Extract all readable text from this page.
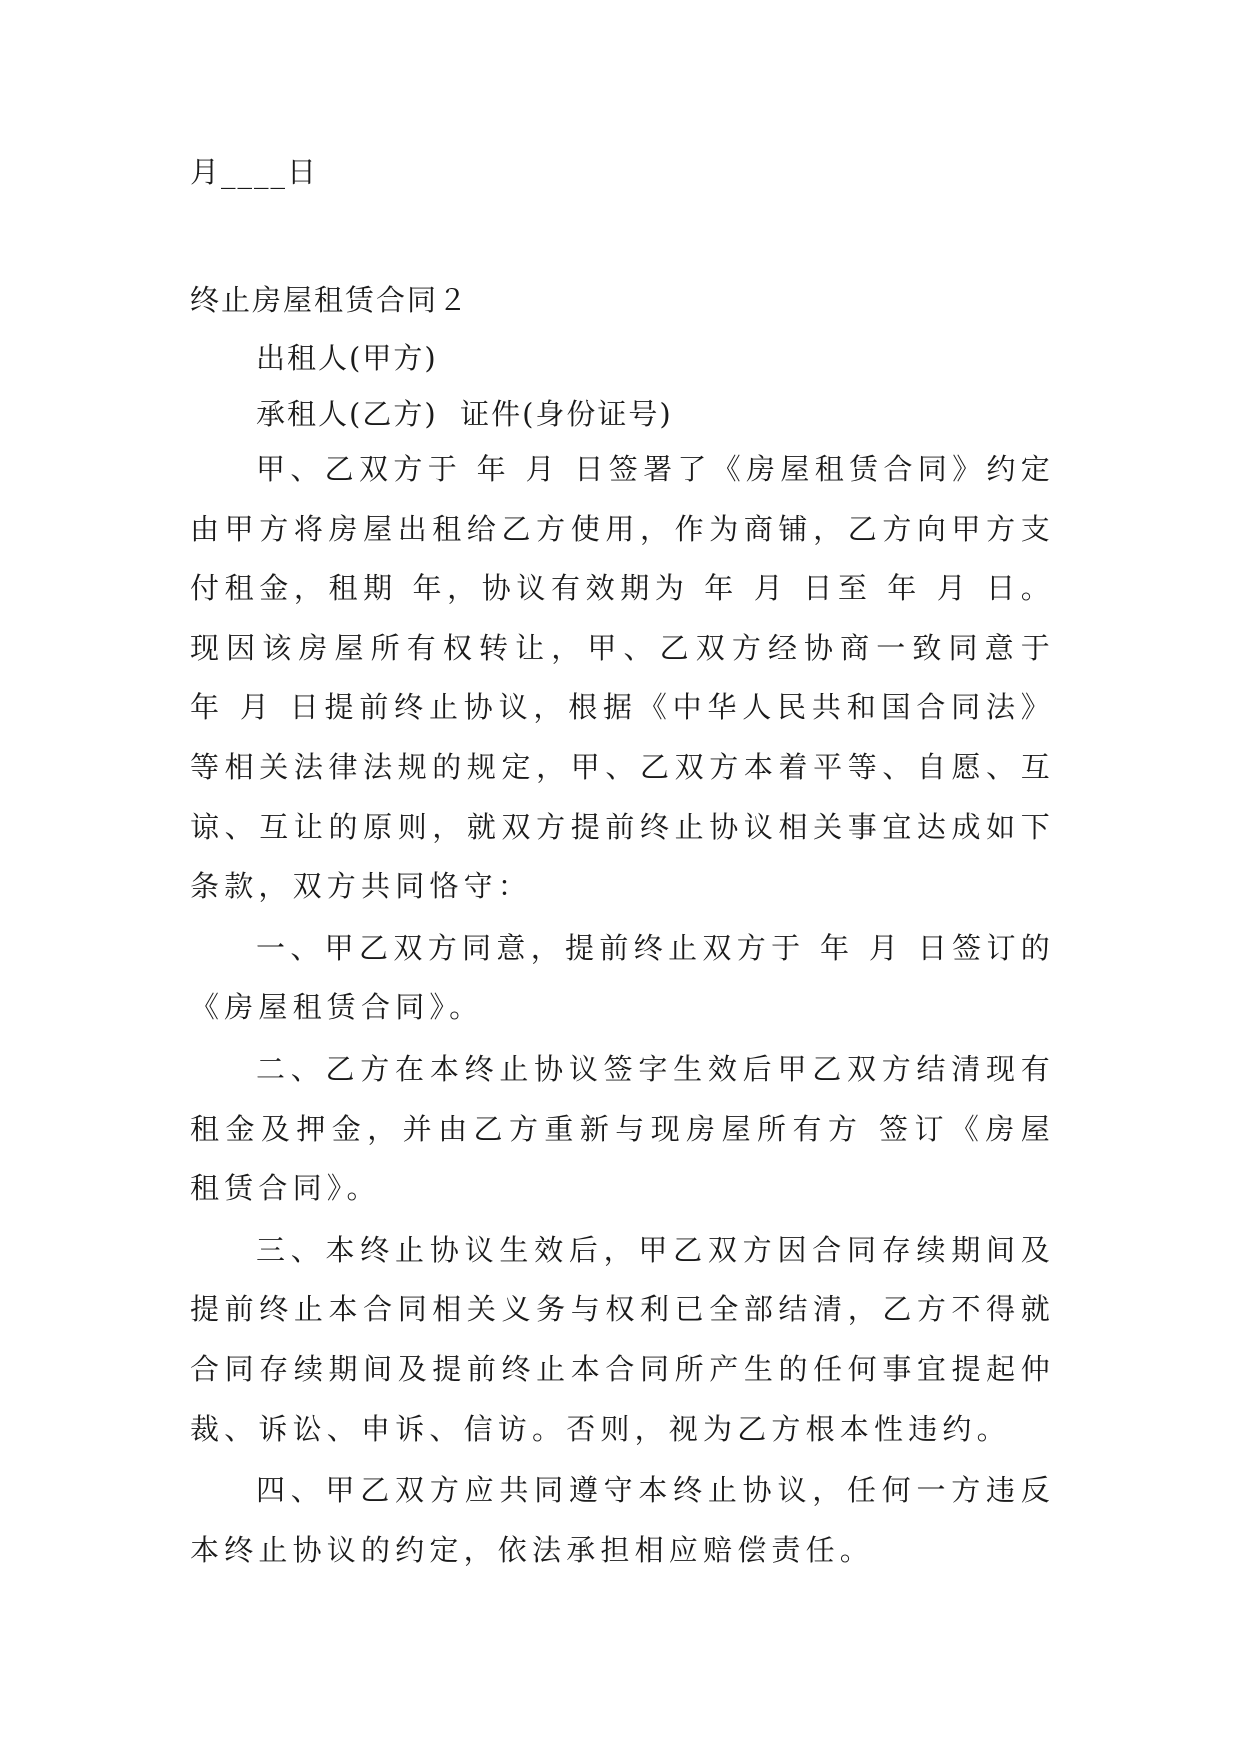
月____日

终止房屋租赁合同２

出租人(甲方)

承租人(乙方)  证件(身份证号)

甲、乙双方于 年 月 日签署了《房屋租赁合同》约定由甲方将房屋出租给乙方使用，作为商铺，乙方向甲方支付租金，租期 年，协议有效期为 年 月 日至 年 月 日。现因该房屋所有权转让，甲、乙双方经协商一致同意于 年 月 日提前终止协议，根据《中华人民共和国合同法》等相关法律法规的规定，甲、乙双方本着平等、自愿、互谅、互让的原则，就双方提前终止协议相关事宜达成如下条款，双方共同恪守：

一、甲乙双方同意，提前终止双方于 年 月 日签订的《房屋租赁合同》。

二、乙方在本终止协议签字生效后甲乙双方结清现有租金及押金，并由乙方重新与现房屋所有方 签订《房屋租赁合同》。

三、本终止协议生效后，甲乙双方因合同存续期间及提前终止本合同相关义务与权利已全部结清，乙方不得就合同存续期间及提前终止本合同所产生的任何事宜提起仲裁、诉讼、申诉、信访。否则，视为乙方根本性违约。

四、甲乙双方应共同遵守本终止协议，任何一方违反本终止协议的约定，依法承担相应赔偿责任。
